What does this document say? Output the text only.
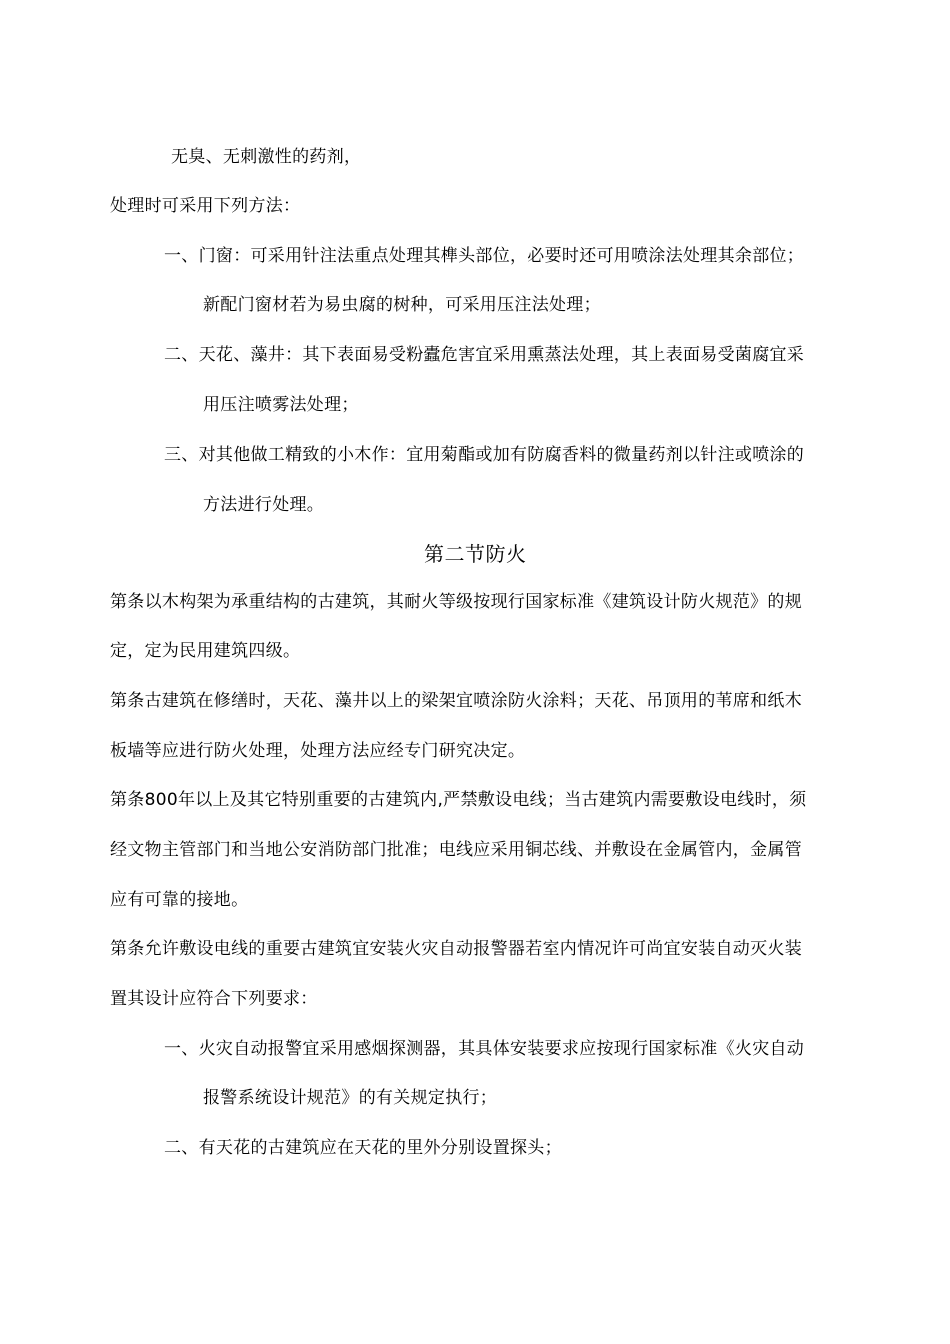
无臭、无刺激性的药剂，
处理时可采用下列方法：
一、门窗：可采用针注法重点处理其榫头部位，必要时还可用喷涂法处理其余部位；
新配门窗材若为易虫腐的树种，可采用压注法处理；
二、天花、藻井：其下表面易受粉蠹危害宜采用熏蒸法处理，其上表面易受菌腐宜采
用压注喷雾法处理；
三、对其他做工精致的小木作：宜用菊酯或加有防腐香料的微量药剂以针注或喷涂的
方法进行处理。
第二节防火
第条以木构架为承重结构的古建筑，其耐火等级按现行国家标准《建筑设计防火规范》的规
定，定为民用建筑四级。
第条古建筑在修缮时，天花、藻井以上的梁架宜喷涂防火涂料；天花、吊顶用的苇席和纸木
板墙等应进行防火处理，处理方法应经专门研究决定。
第条800年以上及其它特别重要的古建筑内,严禁敷设电线；当古建筑内需要敷设电线时，须
经文物主管部门和当地公安消防部门批准；电线应采用铜芯线、并敷设在金属管内，金属管
应有可靠的接地。
第条允许敷设电线的重要古建筑宜安装火灾自动报警器若室内情况许可尚宜安装自动灭火装
置其设计应符合下列要求：
一、火灾自动报警宜采用感烟探测器，其具体安装要求应按现行国家标准《火灾自动
报警系统设计规范》的有关规定执行；
二、有天花的古建筑应在天花的里外分别设置探头；
